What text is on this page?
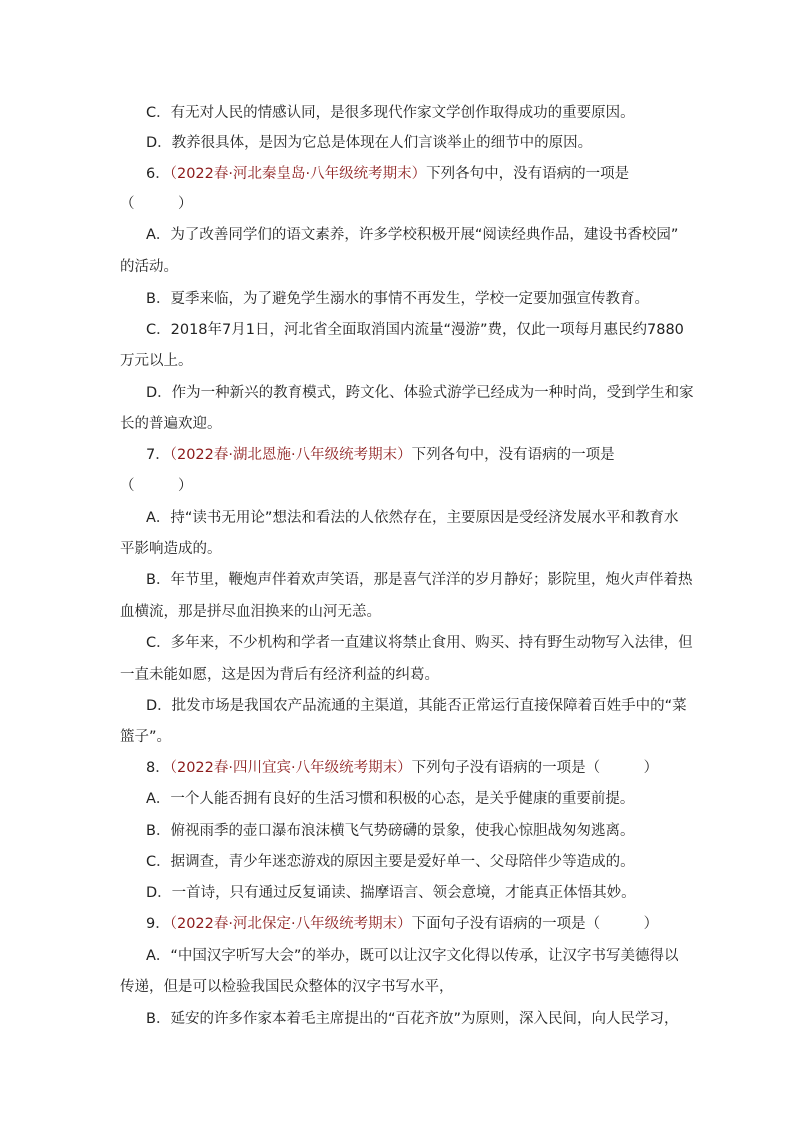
C．有无对人民的情感认同，是很多现代作家文学创作取得成功的重要原因。
D．教养很具体，是因为它总是体现在人们言谈举止的细节中的原因。
6．（2022春·河北秦皇岛·八年级统考期末）下列各句中，没有语病的一项是
（　　　）
A．为了改善同学们的语文素养，许多学校积极开展“阅读经典作品，建设书香校园”
的活动。
B．夏季来临，为了避免学生溺水的事情不再发生，学校一定要加强宣传教育。
C．2018年7月1日，河北省全面取消国内流量“漫游”费，仅此一项每月惠民约7880
万元以上。
D．作为一种新兴的教育模式，跨文化、体验式游学已经成为一种时尚，受到学生和家
长的普遍欢迎。
7．（2022春·湖北恩施·八年级统考期末）下列各句中，没有语病的一项是
（　　　）
A．持“读书无用论”想法和看法的人依然存在，主要原因是受经济发展水平和教育水
平影响造成的。
B．年节里，鞭炮声伴着欢声笑语，那是喜气洋洋的岁月静好；影院里，炮火声伴着热
血横流，那是拼尽血泪换来的山河无恙。
C．多年来，不少机构和学者一直建议将禁止食用、购买、持有野生动物写入法律，但
一直未能如愿，这是因为背后有经济利益的纠葛。
D．批发市场是我国农产品流通的主渠道，其能否正常运行直接保障着百姓手中的“菜
篮子”。
8．（2022春·四川宜宾·八年级统考期末）下列句子没有语病的一项是（　　　）
A．一个人能否拥有良好的生活习惯和积极的心态，是关乎健康的重要前提。
B．俯视雨季的壶口瀑布浪沫横飞气势磅礴的景象，使我心惊胆战匆匆逃离。
C．据调查，青少年迷恋游戏的原因主要是爱好单一、父母陪伴少等造成的。
D．一首诗，只有通过反复诵读、揣摩语言、领会意境，才能真正体悟其妙。
9．（2022春·河北保定·八年级统考期末）下面句子没有语病的一项是（　　　）
A．“中国汉字听写大会”的举办，既可以让汉字文化得以传承，让汉字书写美德得以
传递，但是可以检验我国民众整体的汉字书写水平，
B．延安的许多作家本着毛主席提出的“百花齐放”为原则，深入民间，向人民学习，
